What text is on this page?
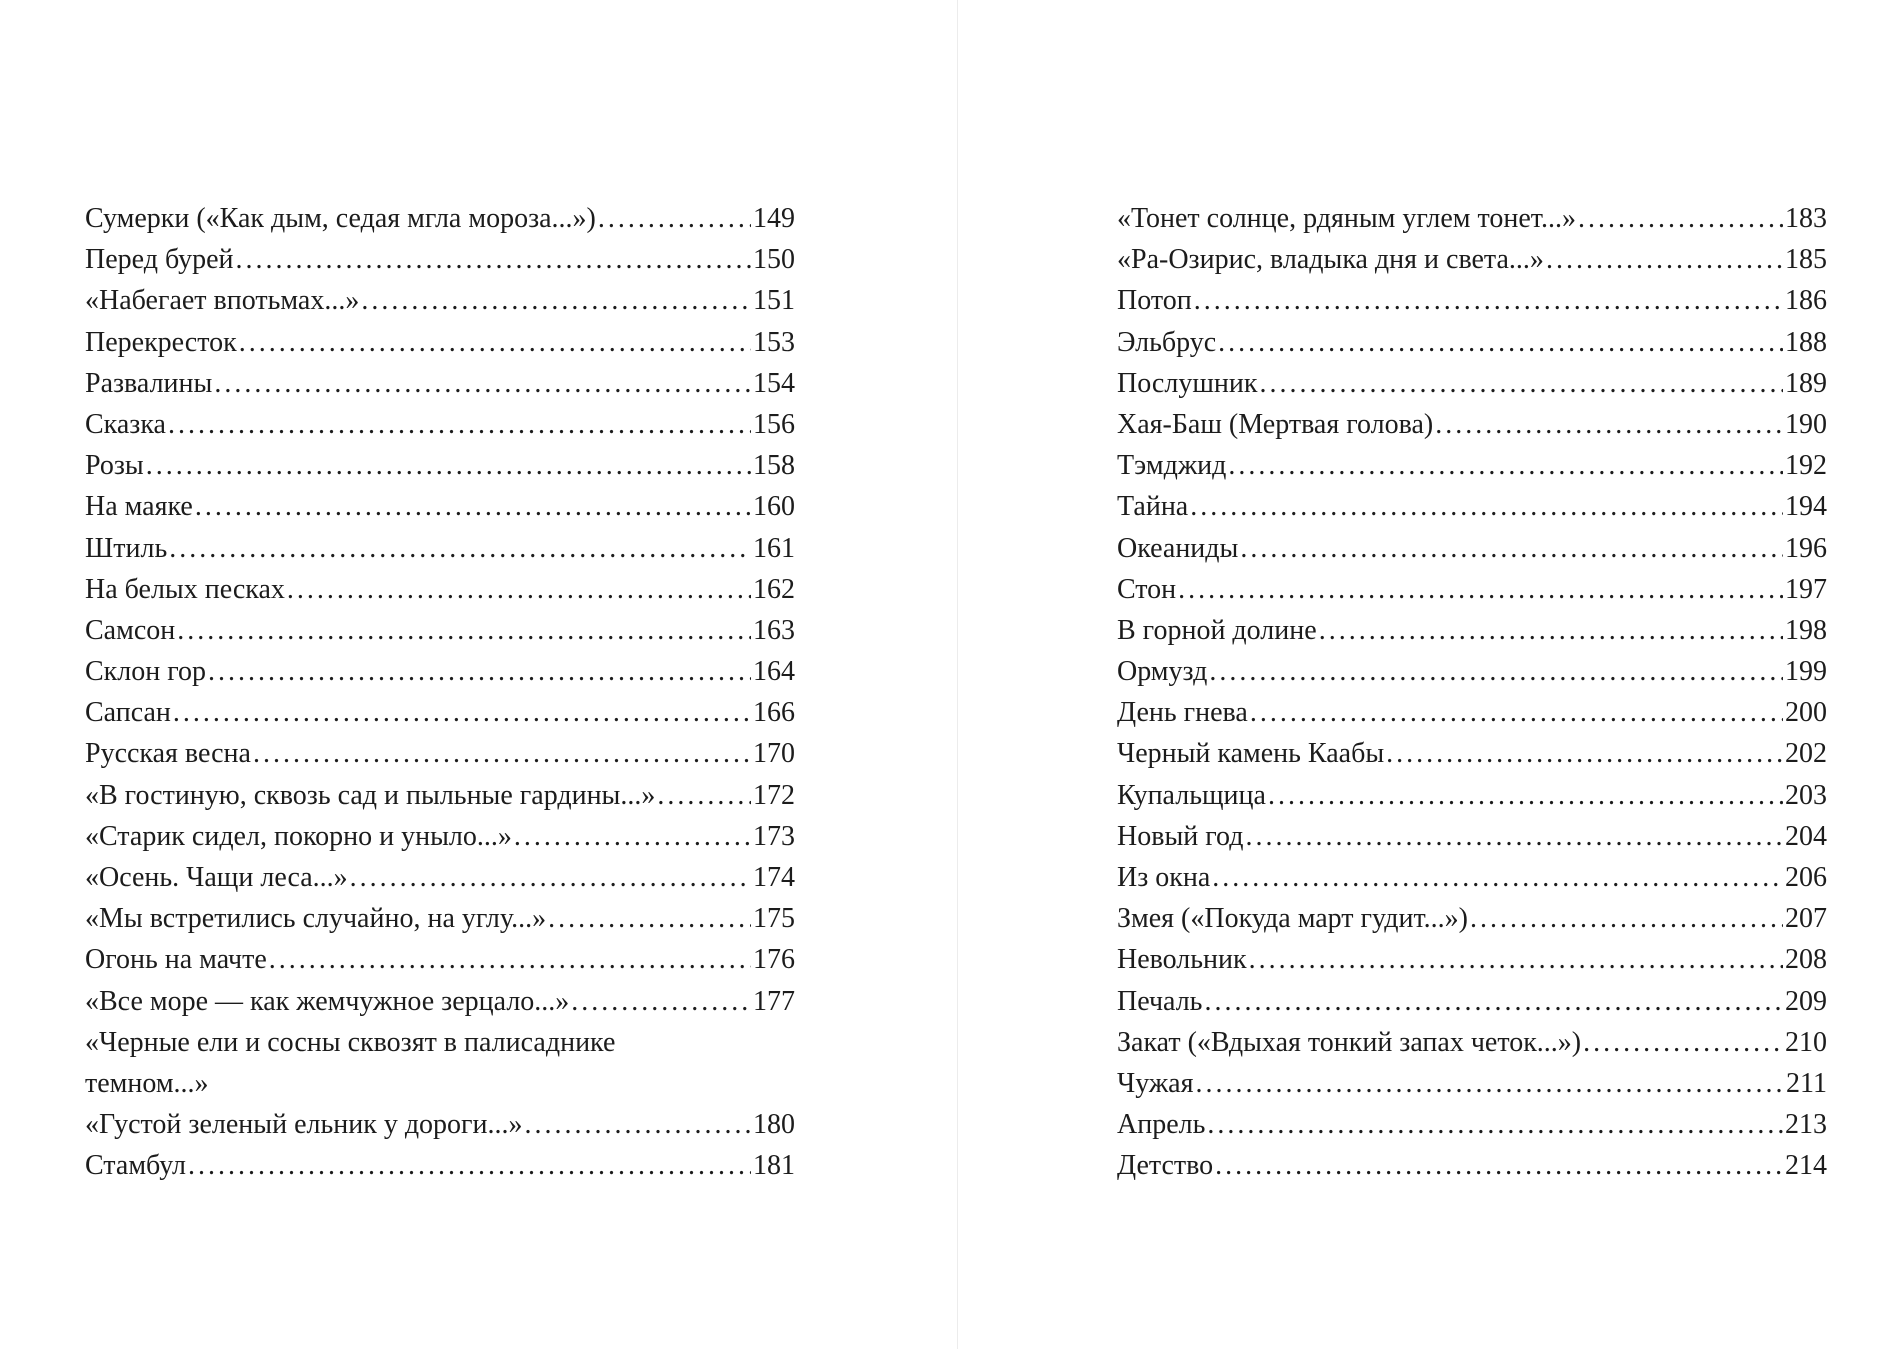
Сумерки («Как дым, седая мгла мороза...») .....	149
Перед бурей .....	150
«Набегает впотьмах...» .....	151
Перекресток .....	153
Развалины .....	154
Сказка .....	156
Розы .....	158
На маяке .....	160
Штиль .....	161
На белых песках .....	162
Самсон .....	163
Склон гор .....	164
Сапсан .....	166
Русская весна .....	170
«В гостиную, сквозь сад и пыльные гардины...» .....	172
«Старик сидел, покорно и уныло...» .....	173
«Осень. Чащи леса...» .....	174
«Мы встретились случайно, на углу...» .....	175
Огонь на мачте .....	176
«Все море — как жемчужное зерцало...» .....	177
«Черные ели и сосны сквозят в палисаднике
темном...»
«Густой зеленый ельник у дороги...» .....	180
Стамбул .....	181
«Тонет солнце, рдяным углем тонет...» .....	183
«Ра-Озирис, владыка дня и света...» .....	185
Потоп .....	186
Эльбрус .....	188
Послушник .....	189
Хая-Баш (Мертвая голова) .....	190
Тэмджид .....	192
Тайна .....	194
Океаниды .....	196
Стон .....	197
В горной долине .....	198
Ормузд .....	199
День гнева .....	200
Черный камень Каабы .....	202
Купальщица .....	203
Новый год .....	204
Из окна .....	206
Змея («Покуда март гудит...») .....	207
Невольник .....	208
Печаль .....	209
Закат («Вдыхая тонкий запах четок...») .....	210
Чужая .....	211
Апрель .....	213
Детство .....	214
